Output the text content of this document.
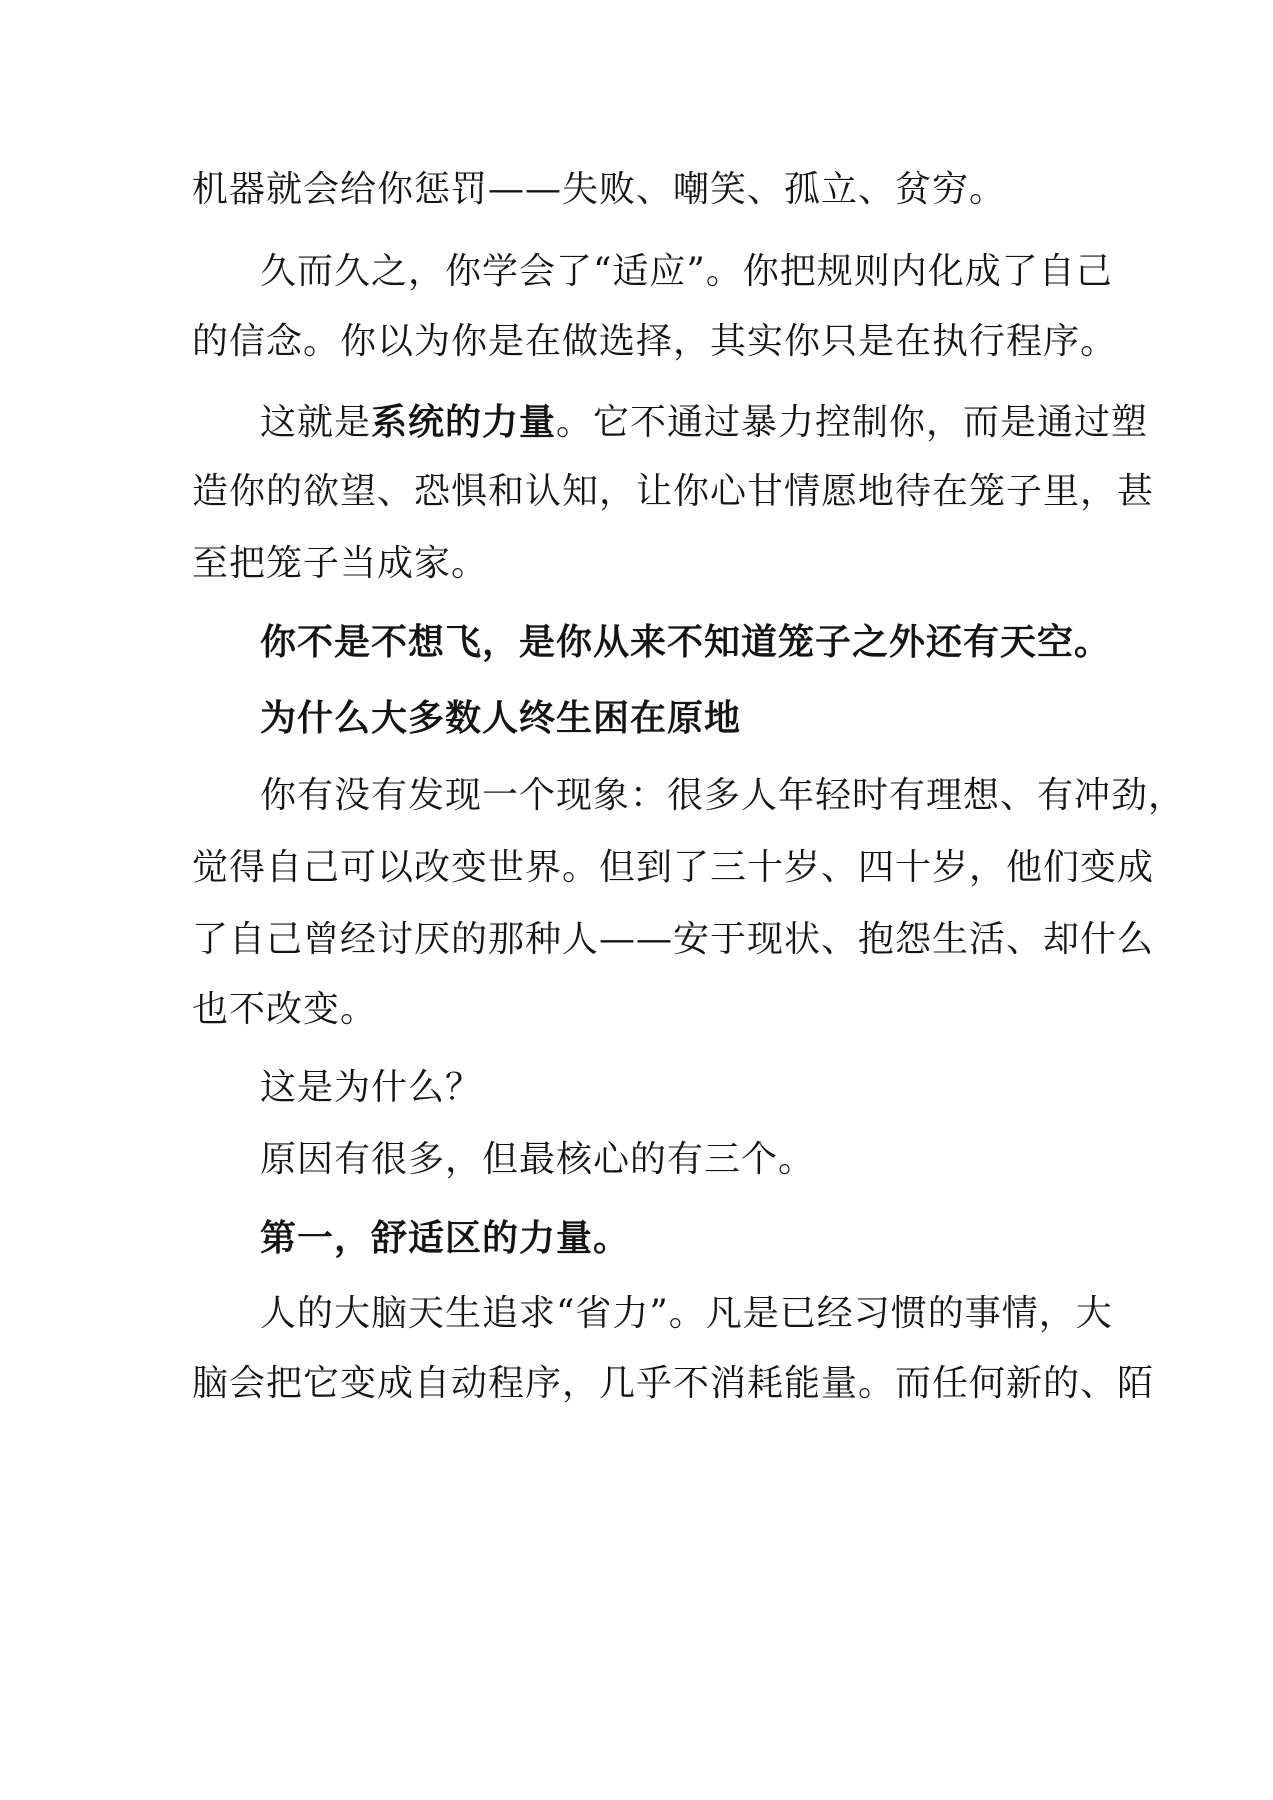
机器就会给你惩罚——失败、嘲笑、孤立、贫穷。
久而久之，你学会了“适应”。你把规则内化成了自己
的信念。你以为你是在做选择，其实你只是在执行程序。
这就是系统的力量。它不通过暴力控制你，而是通过塑
造你的欲望、恐惧和认知，让你心甘情愿地待在笼子里，甚
至把笼子当成家。
你不是不想飞，是你从来不知道笼子之外还有天空。
为什么大多数人终生困在原地
你有没有发现一个现象：很多人年轻时有理想、有冲劲，
觉得自己可以改变世界。但到了三十岁、四十岁，他们变成
了自己曾经讨厌的那种人——安于现状、抱怨生活、却什么
也不改变。
这是为什么？
原因有很多，但最核心的有三个。
第一，舒适区的力量。
人的大脑天生追求“省力”。凡是已经习惯的事情，大
脑会把它变成自动程序，几乎不消耗能量。而任何新的、陌
